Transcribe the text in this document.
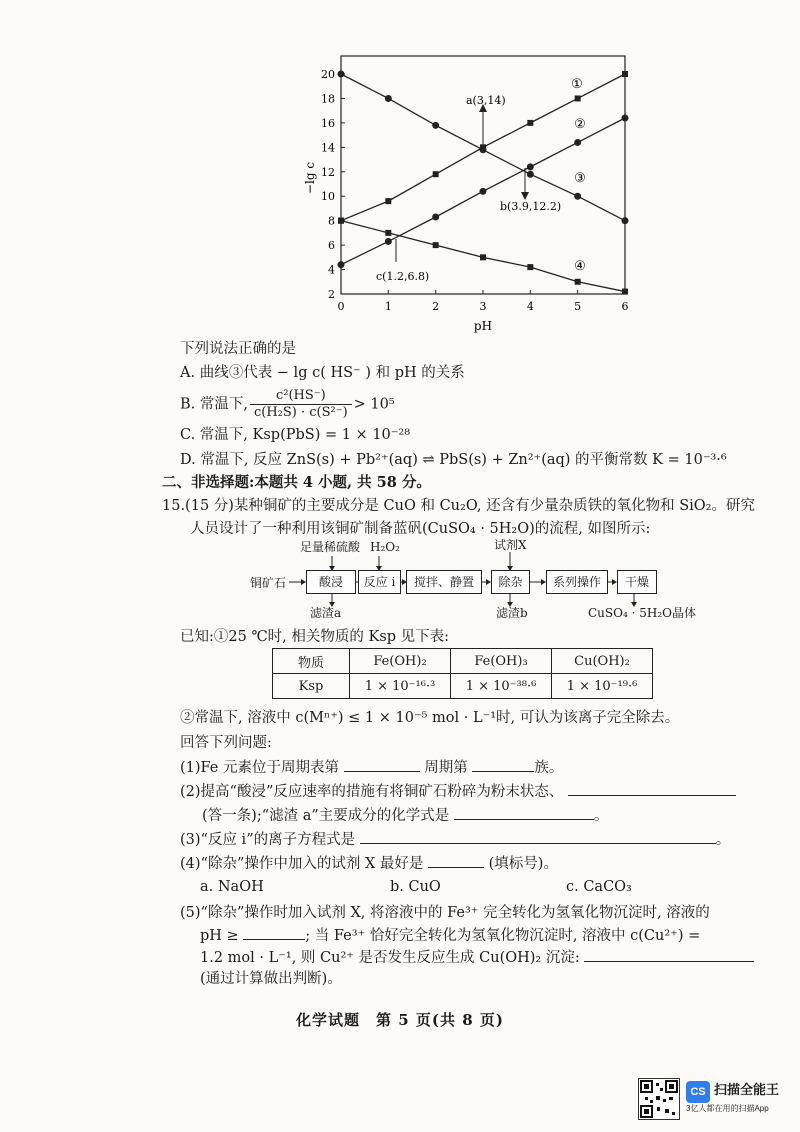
2
4
6
8
10
12
14
16
18
20
0	1	2	3	4	5	6
①
②
③
④
−lg c
pH
a(3,14)
b(3.9,12.2)
c(1.2,6.8)
下列说法正确的是
A. 曲线③代表 − lg c( HS⁻ ) 和 pH 的关系
B. 常温下, $\frac{\text{c²(HS⁻)}}{\text{c(H₂S) · c(S²⁻)}} > 10^5$
C. 常温下, Ksp(PbS) = 1 × 10⁻²⁸
D. 常温下, 反应 ZnS(s) + Pb²⁺(aq) ⇌ PbS(s) + Zn²⁺(aq) 的平衡常数 K = 10⁻³·⁶
二、非选择题:本题共 4 小题, 共 58 分。
15.(15 分)某种铜矿的主要成分是 CuO 和 Cu₂O, 还含有少量杂质铁的氧化物和 SiO₂。研究
人员设计了一种利用该铜矿制备蓝矾(CuSO₄ · 5H₂O)的流程, 如图所示:
铜矿石
足量稀硫酸 H₂O₂	试剂X
酸浸	反应 i	搅拌、静置	除杂	系列操作	干燥
滤渣a	滤渣b	CuSO₄ · 5H₂O晶体
已知:①25 ℃时, 相关物质的 Ksp 见下表:
物质	Fe(OH)₂	Fe(OH)₃	Cu(OH)₂
Ksp	1 × 10⁻¹⁶·³	1 × 10⁻³⁸·⁶	1 × 10⁻¹⁹·⁶
②常温下, 溶液中 c(Mⁿ⁺) ≤ 1 × 10⁻⁵ mol · L⁻¹时, 可认为该离子完全除去。
回答下列问题:
(1)Fe 元素位于周期表第	周期第	族。
(2)提高“酸浸”反应速率的措施有将铜矿石粉碎为粉末状态、
(答一条);“滤渣 a”主要成分的化学式是	。
(3)“反应 i”的离子方程式是	。
(4)“除杂”操作中加入的试剂 X 最好是	(填标号)。
a. NaOH	b. CuO	c. CaCO₃
(5)“除杂”操作时加入试剂 X, 将溶液中的 Fe³⁺ 完全转化为氢氧化物沉淀时, 溶液的
pH ≥	; 当 Fe³⁺ 恰好完全转化为氢氧化物沉淀时, 溶液中 c(Cu²⁺) =
1.2 mol · L⁻¹, 则 Cu²⁺ 是否发生反应生成 Cu(OH)₂ 沉淀:
(通过计算做出判断)。
化学试题　第 5 页(共 8 页)
CS 扫描全能王
3亿人都在用的扫描App
